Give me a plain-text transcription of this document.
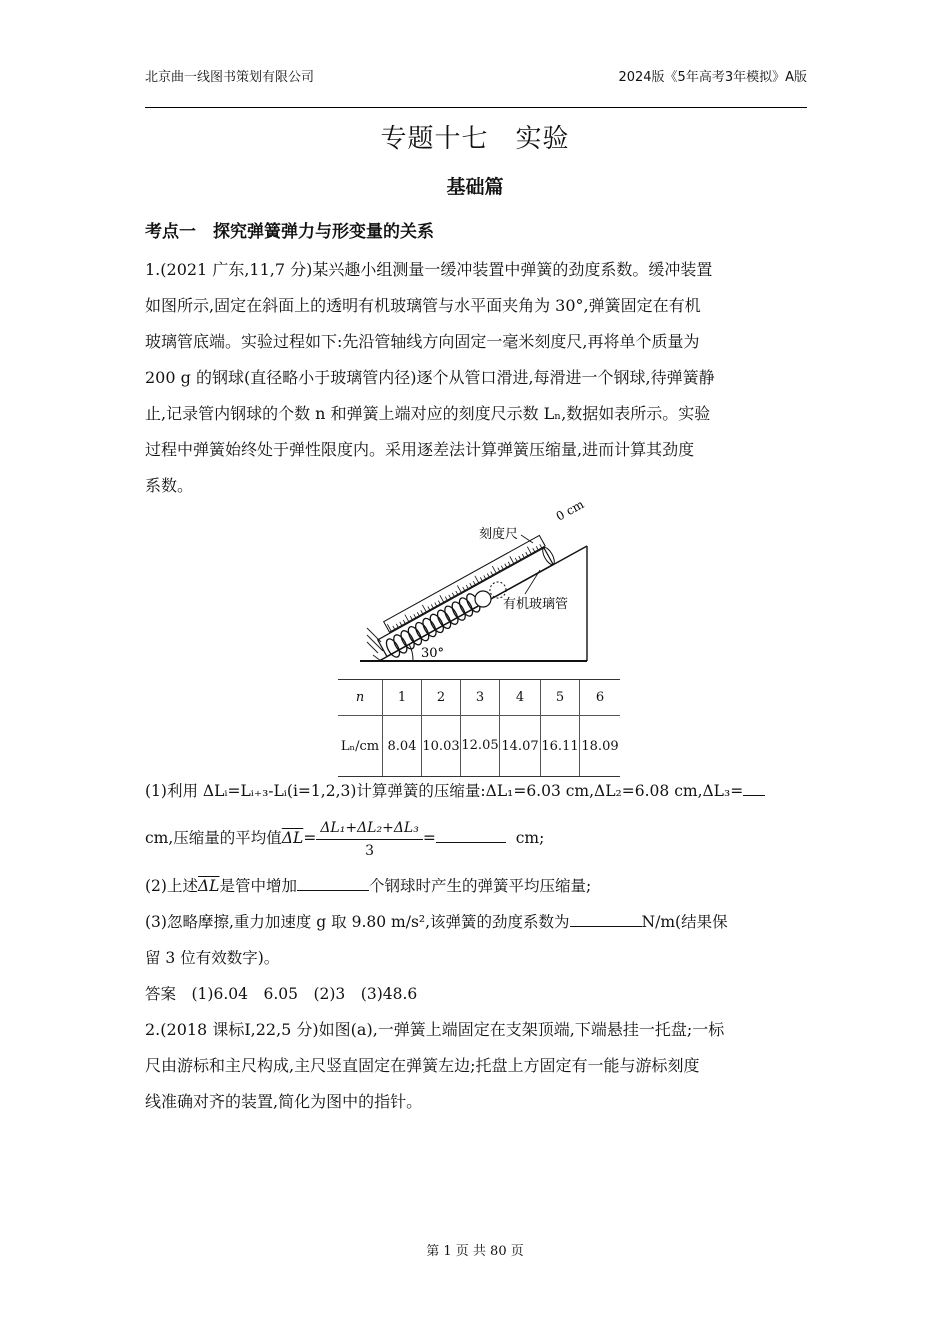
北京曲一线图书策划有限公司	2024版《5年高考3年模拟》A版
专题十七　实验
基础篇
考点一　探究弹簧弹力与形变量的关系
1.(2021 广东,11,7 分)某兴趣小组测量一缓冲装置中弹簧的劲度系数。缓冲装置
如图所示,固定在斜面上的透明有机玻璃管与水平面夹角为 30°,弹簧固定在有机
玻璃管底端。实验过程如下:先沿管轴线方向固定一毫米刻度尺,再将单个质量为
200 g 的钢球(直径略小于玻璃管内径)逐个从管口滑进,每滑进一个钢球,待弹簧静
止,记录管内钢球的个数 n 和弹簧上端对应的刻度尺示数 Lₙ,数据如表所示。实验
过程中弹簧始终处于弹性限度内。采用逐差法计算弹簧压缩量,进而计算其劲度
系数。
30°
刻度尺
0 cm
有机玻璃管
n	1	2	3	4	5	6
Lₙ/cm	8.04	10.03	12.05	14.07	16.11	18.09
(1)利用 ΔLᵢ=Lᵢ₊₃-Lᵢ(i=1,2,3)计算弹簧的压缩量:ΔL₁=6.03 cm,ΔL₂=6.08 cm,ΔL₃=
cm,压缩量的平均值$\overline{\Delta L}= \frac{\text{ΔL₁+ΔL₂+ΔL₃}}{3}$ =	cm;
(2)上述$\overline{\Delta L}$是管中增加	个钢球时产生的弹簧平均压缩量;
(3)忽略摩擦,重力加速度 g 取 9.80 m/s²,该弹簧的劲度系数为	N/m(结果保
留 3 位有效数字)。
答案　(1)6.04　6.05　(2)3　(3)48.6
2.(2018 课标Ⅰ,22,5 分)如图(a),一弹簧上端固定在支架顶端,下端悬挂一托盘;一标
尺由游标和主尺构成,主尺竖直固定在弹簧左边;托盘上方固定有一能与游标刻度
线准确对齐的装置,简化为图中的指针。
第 1 页 共 80 页
